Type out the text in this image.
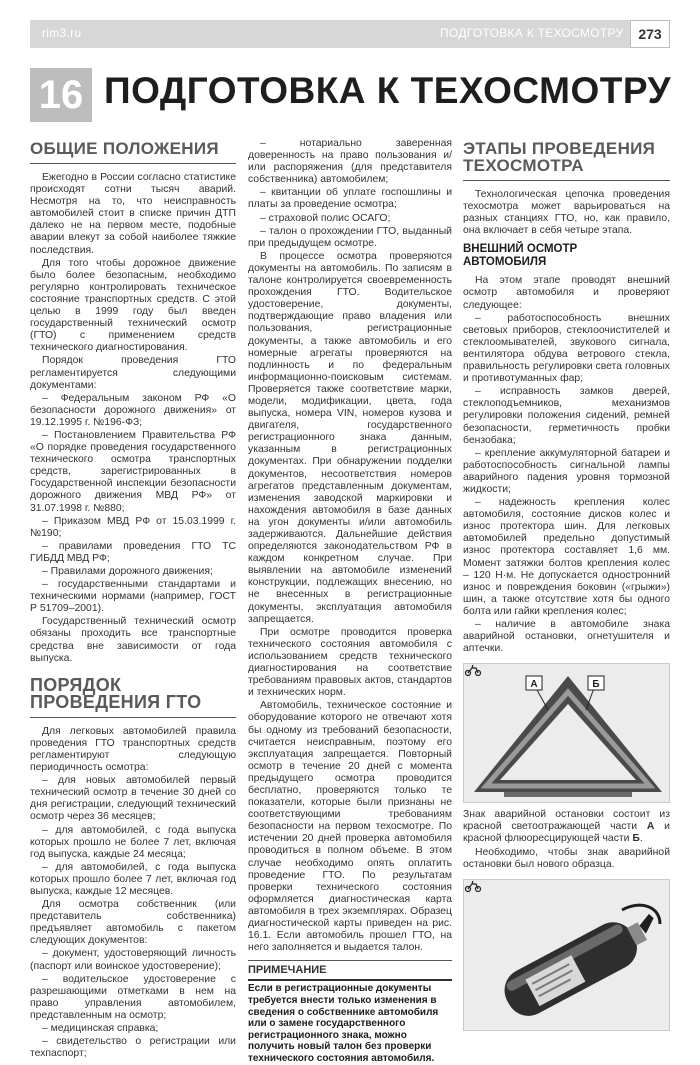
rim3.ru	ПОДГОТОВКА К ТЕХОСМОТРУ	273
16 ПОДГОТОВКА К ТЕХОСМОТРУ
ОБЩИЕ ПОЛОЖЕНИЯ

Ежегодно в России согласно статистике происходят сотни тысяч аварий. Несмотря на то, что неисправность автомобилей стоит в списке причин ДТП далеко не на первом месте, подобные аварии влекут за собой наиболее тяжкие последствия.

Для того чтобы дорожное движение было более безопасным, необходимо регулярно контролировать техническое состояние транспортных средств. С этой целью в 1999 году был введен государственный технический осмотр (ГТО) с применением средств технического диагностирования.

Порядок проведения ГТО регламентируется следующими документами:

– Федеральным законом РФ «О безопасности дорожного движения» от 19.12.1995 г. №196-ФЗ;

– Постановлением Правительства РФ «О порядке проведения государственного технического осмотра транспортных средств, зарегистрированных в Государственной инспекции безопасности дорожного движения МВД РФ» от 31.07.1998 г. №880;

– Приказом МВД РФ от 15.03.1999 г. №190;

– правилами проведения ГТО ТС ГИБДД МВД РФ;

– Правилами дорожного движения;

– государственными стандартами и техническими нормами (например, ГОСТ Р 51709–2001).

Государственный технический осмотр обязаны проходить все транспортные средства вне зависимости от года выпуска.

ПОРЯДОК
ПРОВЕДЕНИЯ ГТО

Для легковых автомобилей правила проведения ГТО транспортных средств регламентируют следующую периодичность осмотра:

– для новых автомобилей первый технический осмотр в течение 30 дней со дня регистрации, следующий технический осмотр через 36 месяцев;

– для автомобилей, с года выпуска которых прошло не более 7 лет, включая год выпуска, каждые 24 месяца;

– для автомобилей, с года выпуска которых прошло более 7 лет, включая год выпуска, каждые 12 месяцев.

Для осмотра собственник (или представитель собственника) предъявляет автомобиль с пакетом следующих документов:

– документ, удостоверяющий личность (паспорт или воинское удостоверение);

– водительское удостоверение с разрешающими отметками в нем на право управления автомобилем, представленным на осмотр;

– медицинская справка;

– свидетельство о регистрации или техпаспорт;

– нотариально заверенная доверенность на право пользования и/или распоряжения (для представителя собственника) автомобилем;

– квитанции об уплате госпошлины и платы за проведение осмотра;

– страховой полис ОСАГО;

– талон о прохождении ГТО, выданный при предыдущем осмотре.

В процессе осмотра проверяются документы на автомобиль. По записям в талоне контролируется своевременность прохождения ГТО. Водительское удостоверение, документы, подтверждающие право владения или пользования, регистрационные документы, а также автомобиль и его номерные агрегаты проверяются на подлинность и по федеральным информационно-поисковым системам. Проверяется также соответствие марки, модели, модификации, цвета, года выпуска, номера VIN, номеров кузова и двигателя, государственного регистрационного знака данным, указанным в регистрационных документах. При обнаружении подделки документов, несоответствия номеров агрегатов представленным документам, изменения заводской маркировки и нахождения автомобиля в базе данных на угон документы и/или автомобиль задерживаются. Дальнейшие действия определяются законодательством РФ в каждом конкретном случае. При выявлении на автомобиле изменений конструкции, подлежащих внесению, но не внесенных в регистрационные документы, эксплуатация автомобиля запрещается.

При осмотре проводится проверка технического состояния автомобиля с использованием средств технического диагностирования на соответствие требованиям правовых актов, стандартов и технических норм.

Автомобиль, техническое состояние и оборудование которого не отвечают хотя бы одному из требований безопасности, считается неисправным, поэтому его эксплуатация запрещается. Повторный осмотр в течение 20 дней с момента предыдущего осмотра проводится бесплатно, проверяются только те показатели, которые были признаны не соответствующими требованиям безопасности на первом техосмотре. По истечении 20 дней проверка автомобиля проводиться в полном объеме. В этом случае необходимо опять оплатить проведение ГТО. По результатам проверки технического состояния оформляется диагностическая карта автомобиля в трех экземплярах. Образец диагностической карты приведен на рис. 16.1. Если автомобиль прошел ГТО, на него заполняется и выдается талон.

ПРИМЕЧАНИЕ
Если в регистрационные документы требуется внести только изменения в сведения о собственнике автомобиля или о замене государственного регистрационного знака, можно получить новый талон без проверки технического состояния автомобиля.
ЭТАПЫ ПРОВЕДЕНИЯ
ТЕХОСМОТРА

Технологическая цепочка проведения техосмотра может варьироваться на разных станциях ГТО, но, как правило, она включает в себя четыре этапа.

ВНЕШНИЙ ОСМОТР
АВТОМОБИЛЯ

На этом этапе проводят внешний осмотр автомобиля и проверяют следующее:

– работоспособность внешних световых приборов, стеклоочистителей и стеклоомывателей, звукового сигнала, вентилятора обдува ветрового стекла, правильность регулировки света головных и противотуманных фар;

– исправность замков дверей, стеклоподъемников, механизмов регулировки положения сидений, ремней безопасности, герметичность пробки бензобака;

– крепление аккумуляторной батареи и работоспособность сигнальной лампы аварийного падения уровня тормозной жидкости;

– надежность крепления колес автомобиля, состояние дисков колес и износ протектора шин. Для легковых автомобилей предельно допустимый износ протектора составляет 1,6 мм. Момент затяжки болтов крепления колес – 120 Н·м. Не допускается одностронний износ и повреждения боковин («грыжи») шин, а также отсутствие хотя бы одного болта или гайки крепления колес;

– наличие в автомобиле знака аварийной остановки, огнетушителя и аптечки.

А	Б

Знак аварийной остановки состоит из красной светоотражающей части А и красной флюоресцирующей части Б.

Необходимо, чтобы знак аварийной остановки был нового образца.
